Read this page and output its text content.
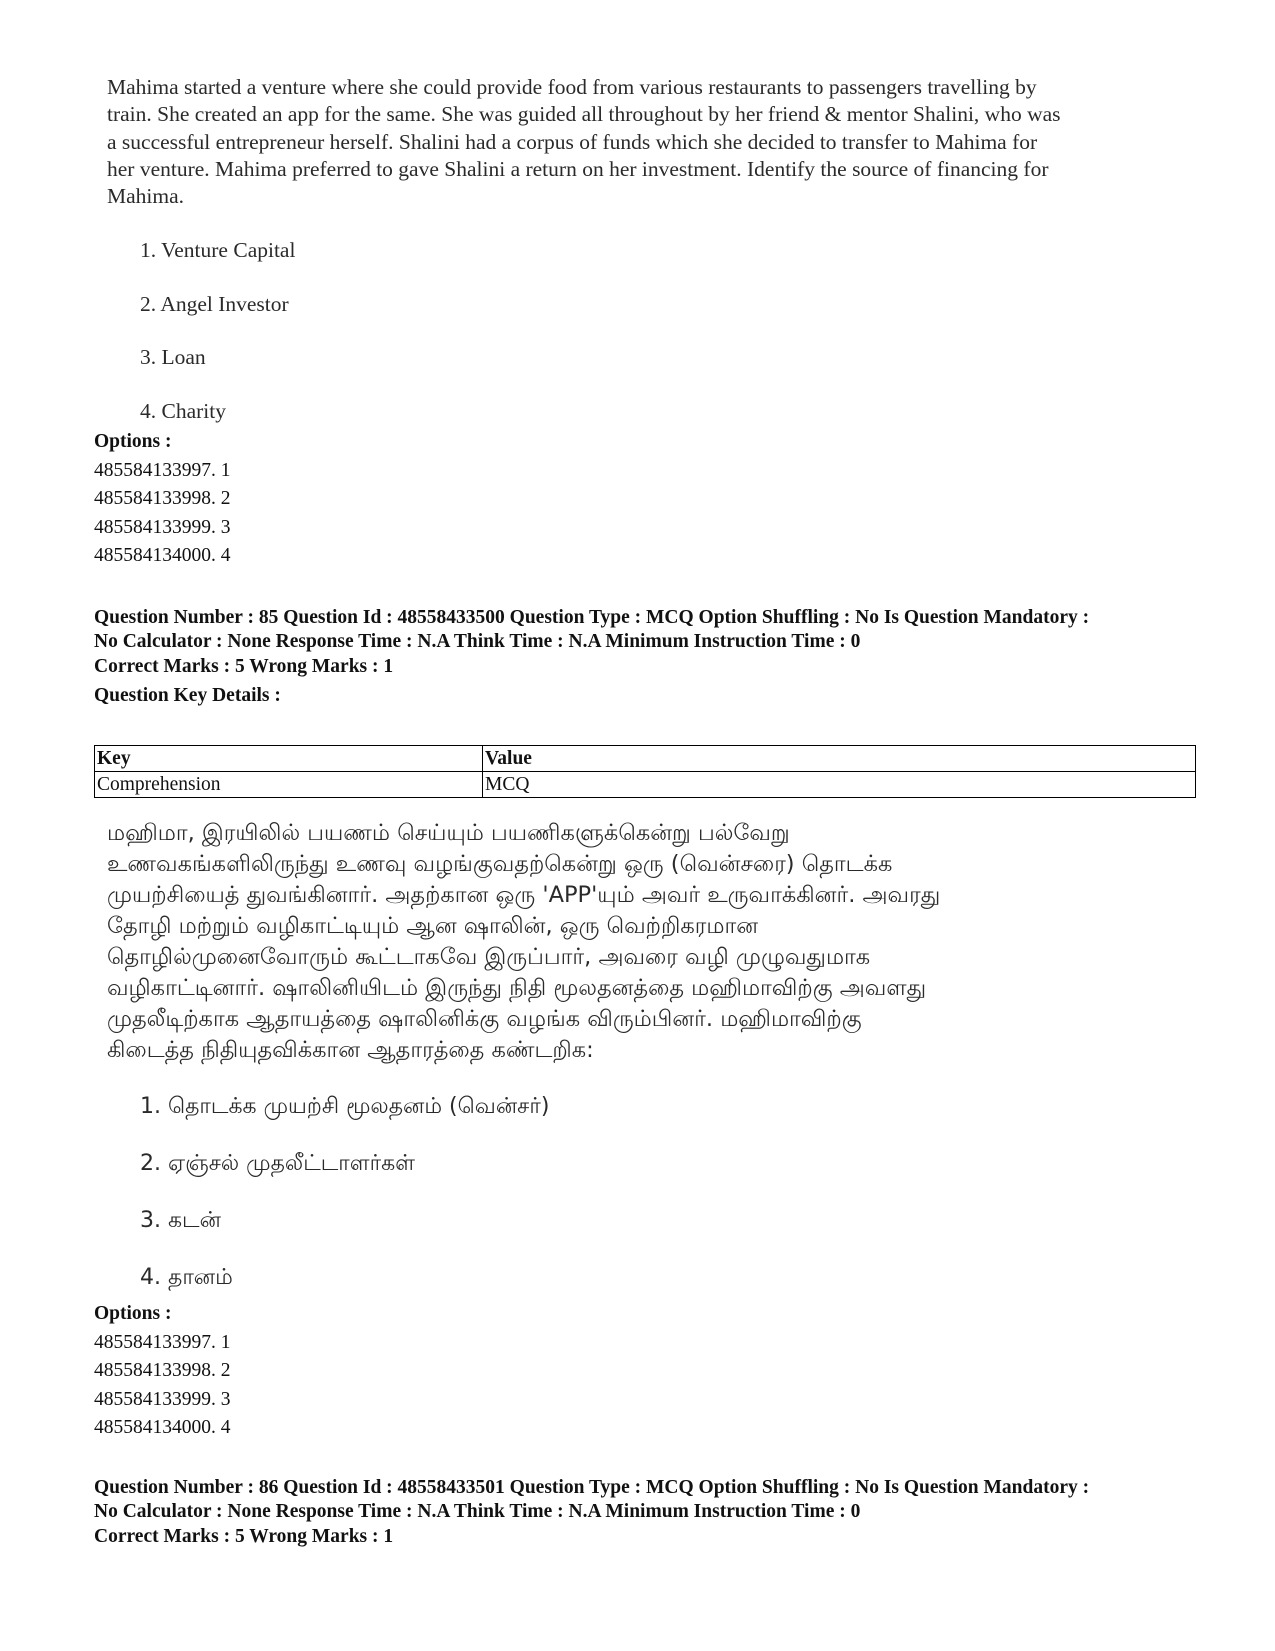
Mahima started a venture where she could provide food from various restaurants to passengers travelling by
train. She created an app for the same. She was guided all throughout by her friend & mentor Shalini, who was
a successful entrepreneur herself. Shalini had a corpus of funds which she decided to transfer to Mahima for
her venture. Mahima preferred to gave Shalini a return on her investment. Identify the source of financing for
Mahima.

1. Venture Capital
2. Angel Investor
3. Loan
4. Charity
Options :
485584133997. 1
485584133998. 2
485584133999. 3
485584134000. 4
Question Number : 85 Question Id : 48558433500 Question Type : MCQ Option Shuffling : No Is Question Mandatory :
No Calculator : None Response Time : N.A Think Time : N.A Minimum Instruction Time : 0
Correct Marks : 5 Wrong Marks : 1
Question Key Details :
Key	Value
Comprehension	MCQ

மஹிமா, இரயிலில் பயணம் செய்யும் பயணிகளுக்கென்று பல்வேறு
உணவகங்களிலிருந்து உணவு வழங்குவதற்கென்று ஒரு (வென்சரை) தொடக்க
முயற்சியைத் துவங்கினார். அதற்கான ஒரு 'APP'யும் அவர் உருவாக்கினர். அவரது
தோழி மற்றும் வழிகாட்டியும் ஆன ஷாலின், ஒரு வெற்றிகரமான
தொழில்முனைவோரும் கூட்டாகவே இருப்பார், அவரை வழி முழுவதுமாக
வழிகாட்டினார். ஷாலினியிடம் இருந்து நிதி மூலதனத்தை மஹிமாவிற்கு அவளது
முதலீடிற்காக ஆதாயத்தை ஷாலினிக்கு வழங்க விரும்பினர். மஹிமாவிற்கு
கிடைத்த நிதியுதவிக்கான ஆதாரத்தை கண்டறிக:

1. தொடக்க முயற்சி மூலதனம் (வென்சர்)
2. ஏஞ்சல் முதலீட்டாளர்கள்
3. கடன்
4. தானம்
Options :
485584133997. 1
485584133998. 2
485584133999. 3
485584134000. 4
Question Number : 86 Question Id : 48558433501 Question Type : MCQ Option Shuffling : No Is Question Mandatory :
No Calculator : None Response Time : N.A Think Time : N.A Minimum Instruction Time : 0
Correct Marks : 5 Wrong Marks : 1
